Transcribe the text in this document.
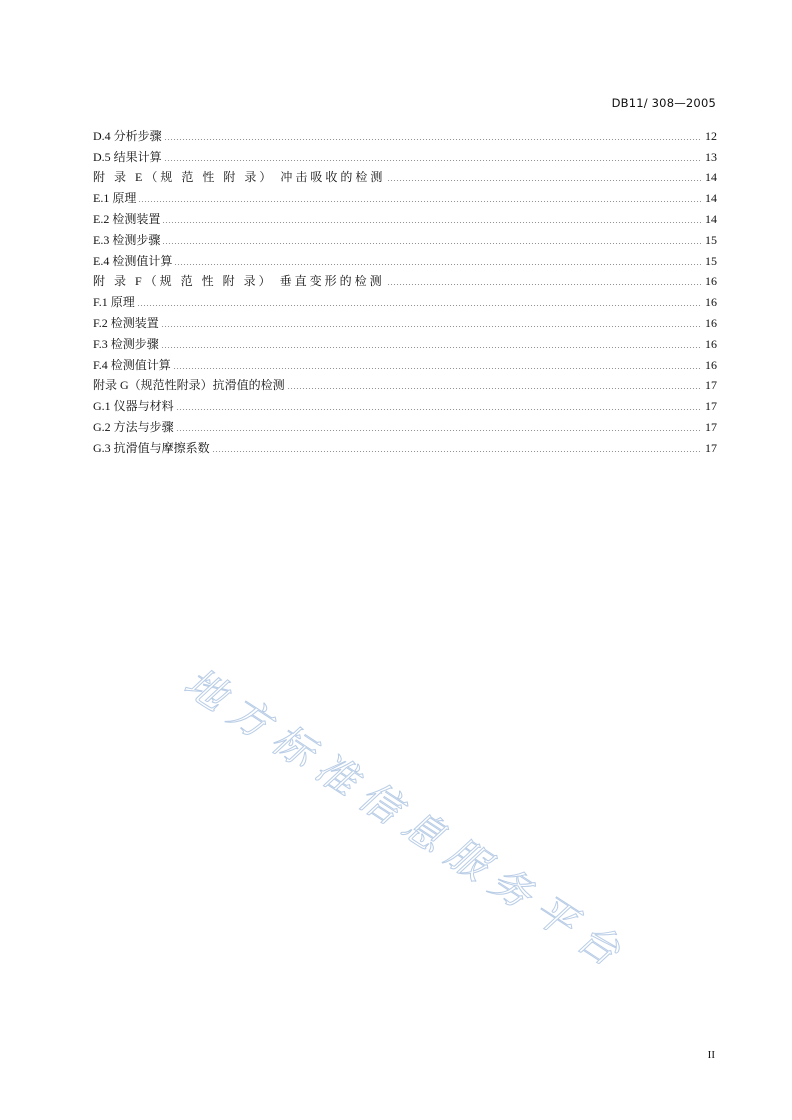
DB11/ 308—2005
D.4 分析步骤	12
D.5 结果计算	13
附 录 E（规 范 性 附 录） 冲击吸收的检测	14
E.1 原理	14
E.2 检测装置	14
E.3 检测步骤	15
E.4 检测值计算	15
附 录 F（规 范 性 附 录） 垂直变形的检测	16
F.1 原理	16
F.2 检测装置	16
F.3 检测步骤	16
F.4 检测值计算	16
附录 G（规范性附录）抗滑值的检测	17
G.1 仪器与材料	17
G.2 方法与步骤	17
G.3 抗滑值与摩擦系数	17
地方标准信息服务平台
II
